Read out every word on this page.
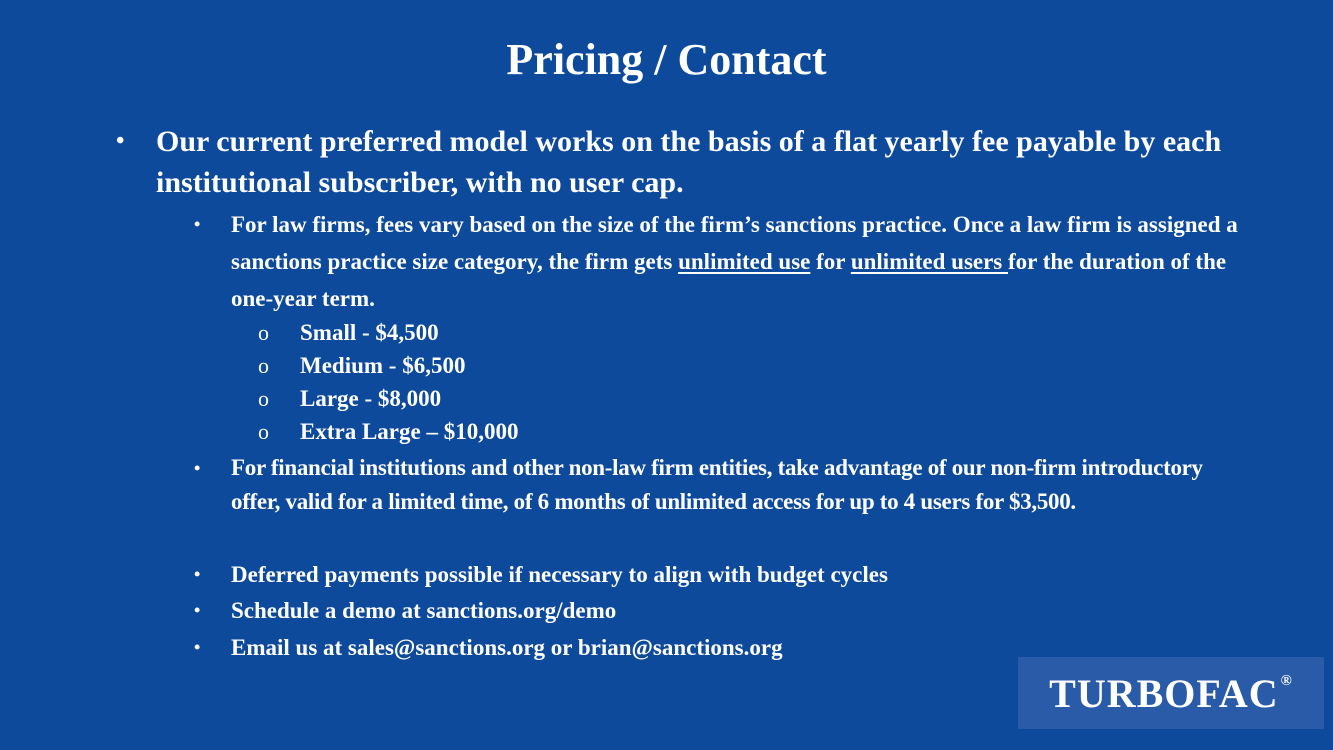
Pricing / Contact
• Our current preferred model works on the basis of a flat yearly fee payable by each institutional subscriber, with no user cap.
• For law firms, fees vary based on the size of the firm’s sanctions practice. Once a law firm is assigned a sanctions practice size category, the firm gets unlimited use for unlimited users for the duration of the one-year term.
o Small - $4,500
o Medium - $6,500
o Large - $8,000
o Extra Large – $10,000
• For financial institutions and other non-law firm entities, take advantage of our non-firm introductory offer, valid for a limited time, of 6 months of unlimited access for up to 4 users for $3,500.
• Deferred payments possible if necessary to align with budget cycles
• Schedule a demo at sanctions.org/demo
• Email us at sales@sanctions.org or brian@sanctions.org
TURBOFAC®
